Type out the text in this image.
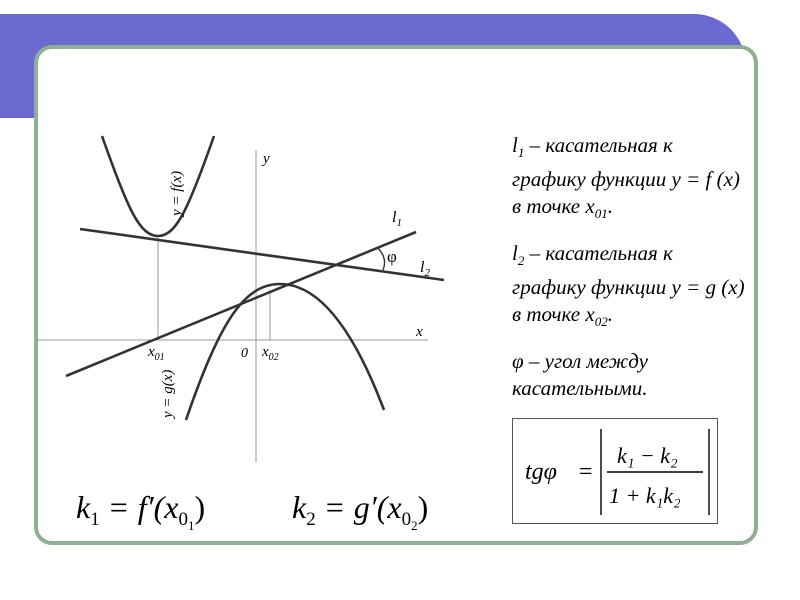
y
x
0
φ
$l_1$
$l_2$
$x_{01}$	$x_{02}$
y = f(x)
y = g(x)
$k_1 = f'(x_01)$	$k_2 = g'(x_02)$

$l_1$ – касательная к графику функции y = f (x) в точке $x_{01}$.

$l_2$ – касательная к графику функции y = g (x) в точке $x_{02}$.

φ – угол между касательными.

tgφ =
k₁ − k₂
1 + k₁k₂
